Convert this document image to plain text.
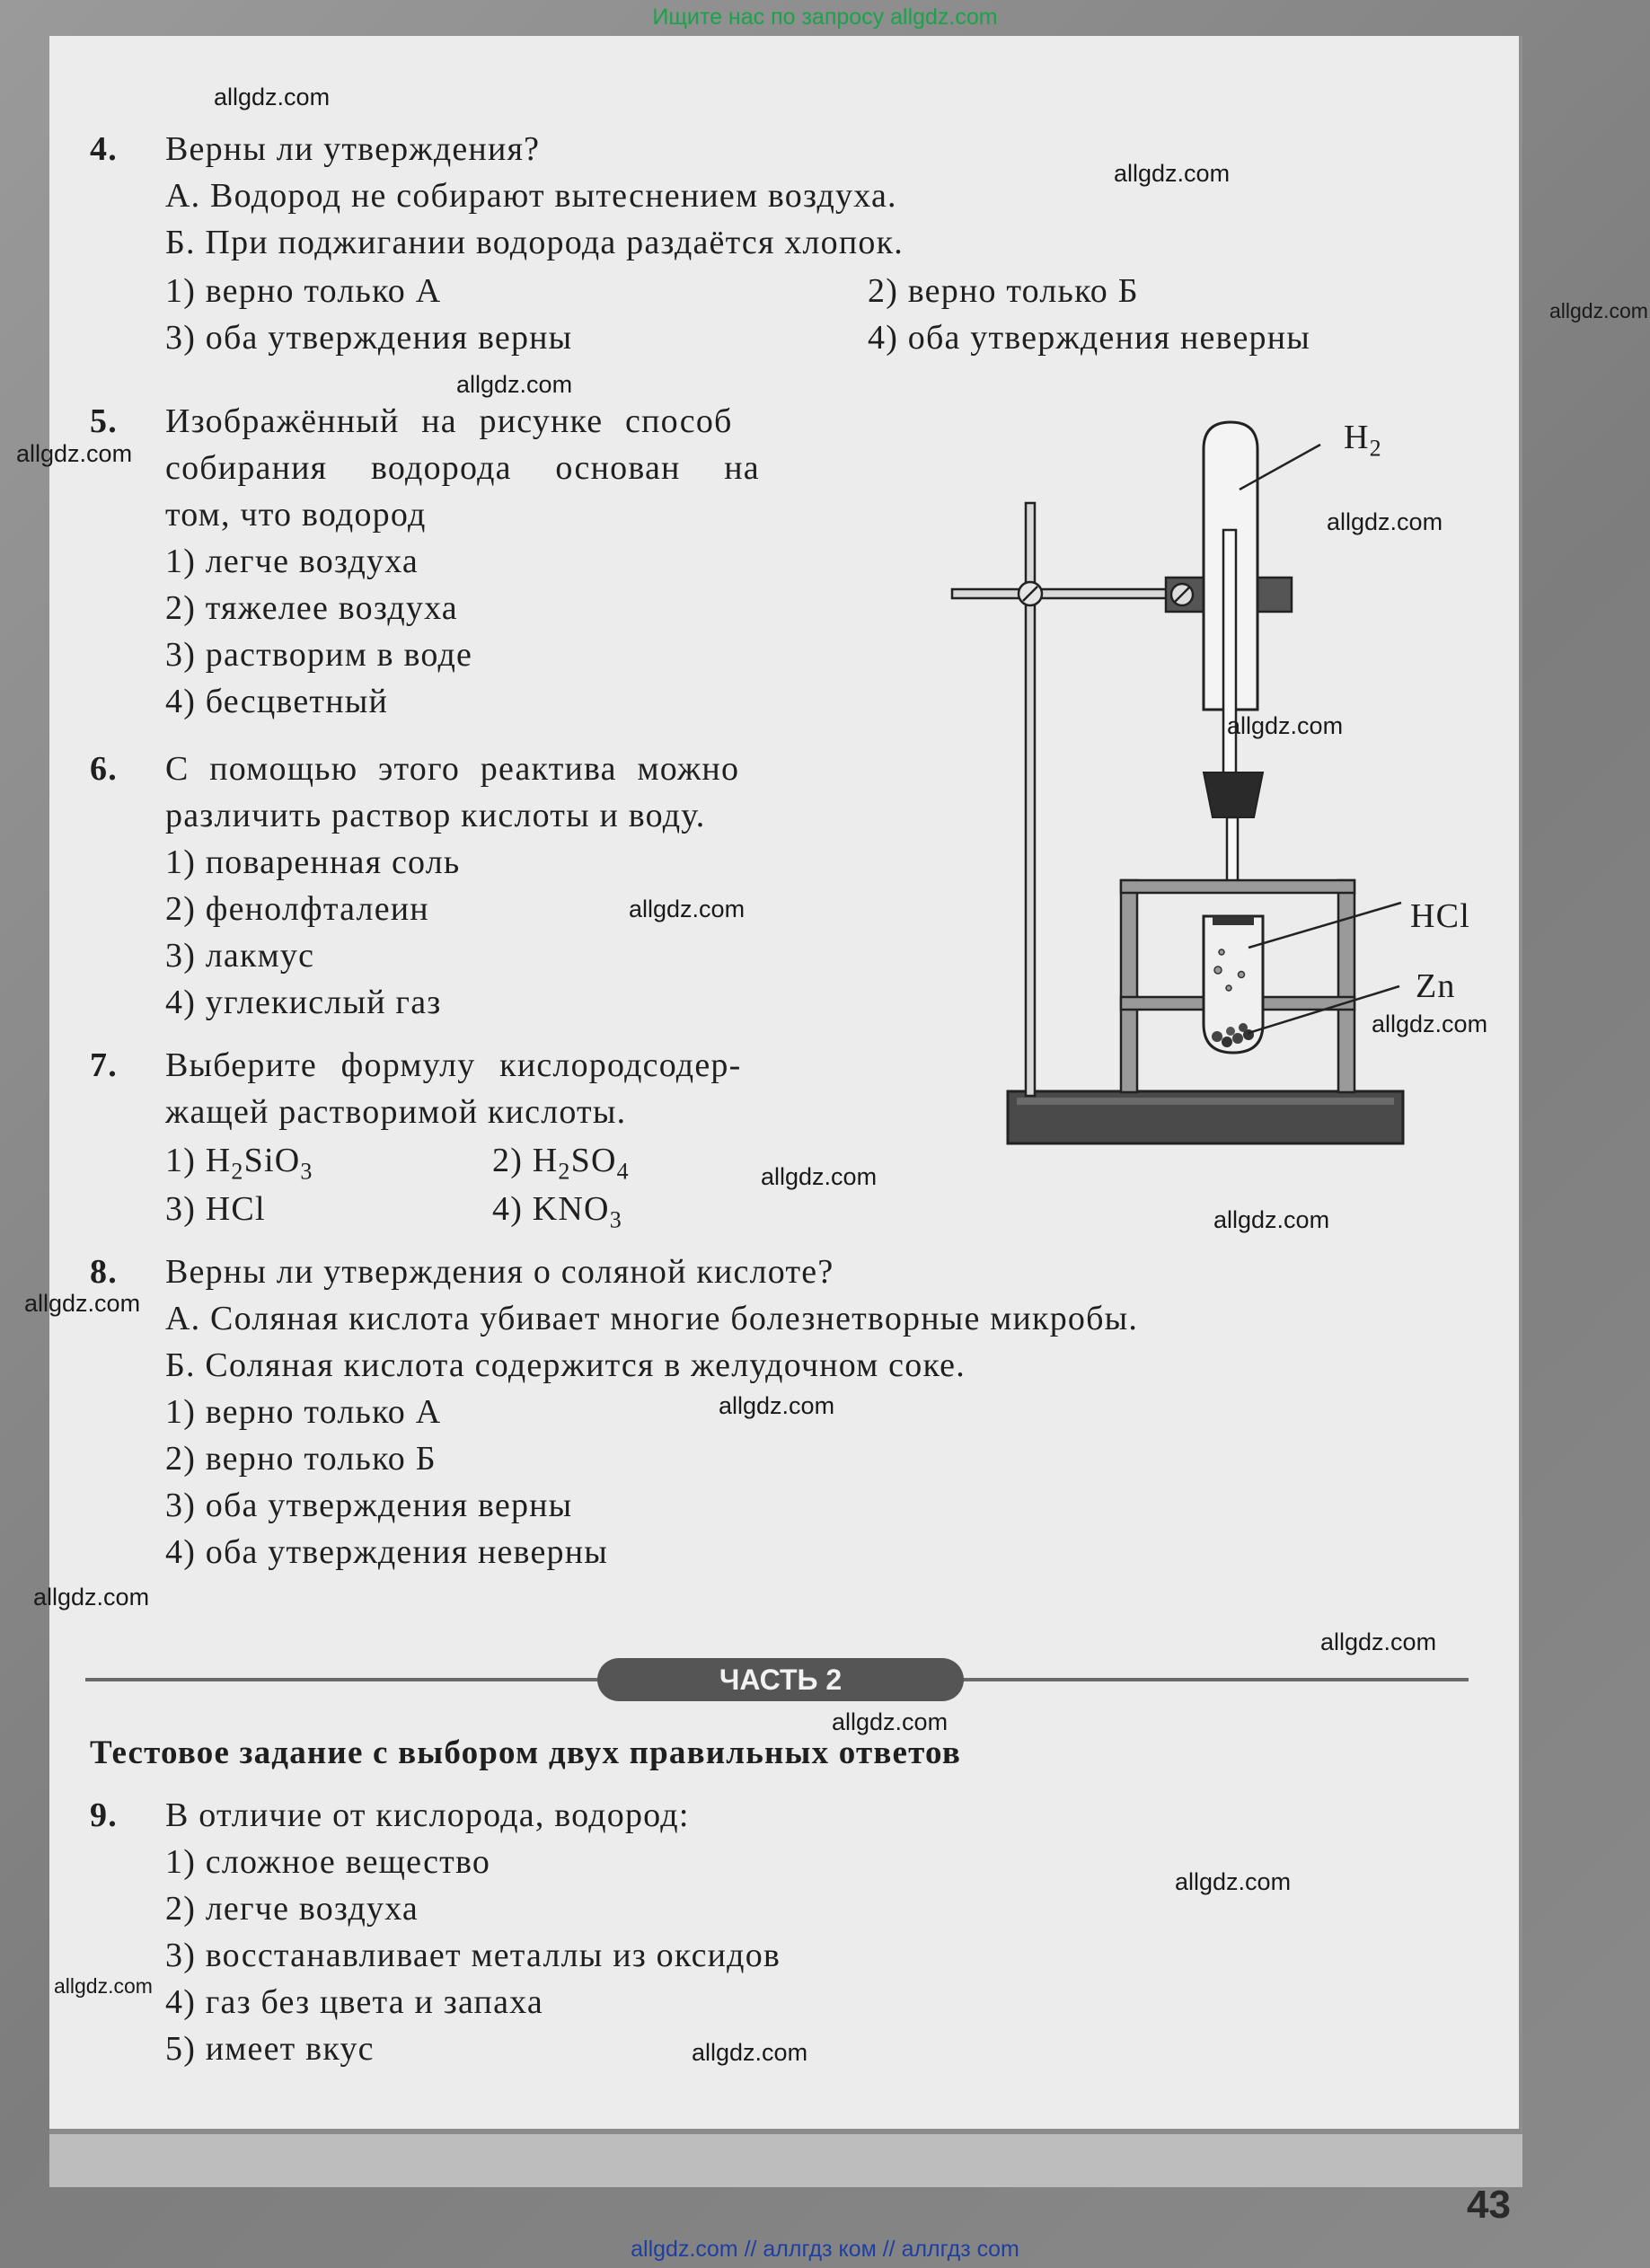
Ищите нас по запросу allgdz.com
43
4. Верны ли утверждения?
А. Водород не собирают вытеснением воздуха.
Б. При поджигании водорода раздаётся хлопок.
1) верно только А	2) верно только Б
3) оба утверждения верны	4) оба утверждения неверны
5. Изображённый на рисунке способ
собирания водорода основан на
том, что водород
1) легче воздуха
2) тяжелее воздуха
3) растворим в воде
4) бесцветный
6. С помощью этого реактива можно
различить раствор кислоты и воду.
1) поваренная соль
2) фенолфталеин
3) лакмус
4) углекислый газ
7. Выберите формулу кислородсодер-
жащей растворимой кислоты.
1) $H_2SiO_3$	2) $H_2SO_4$
3) HCl	4) $KNO_3$
8. Верны ли утверждения о соляной кислоте?
А. Соляная кислота убивает многие болезнетворные микробы.
Б. Соляная кислота содержится в желудочном соке.
1) верно только А
2) верно только Б
3) оба утверждения верны
4) оба утверждения неверны
ЧАСТЬ 2
Тестовое задание с выбором двух правильных ответов
9. В отличие от кислорода, водород:
1) сложное вещество
2) легче воздуха
3) восстанавливает металлы из оксидов
4) газ без цвета и запаха
5) имеет вкус
$H_2$
HCl
Zn
allgdz.com
allgdz.com
allgdz.com
allgdz.com
allgdz.com
allgdz.com
allgdz.com
allgdz.com
allgdz.com
allgdz.com
allgdz.com
allgdz.com
allgdz.com
allgdz.com
allgdz.com
allgdz.com
allgdz.com
allgdz.com
allgdz.com
allgdz.com // аллгдз ком // аллгдз com
